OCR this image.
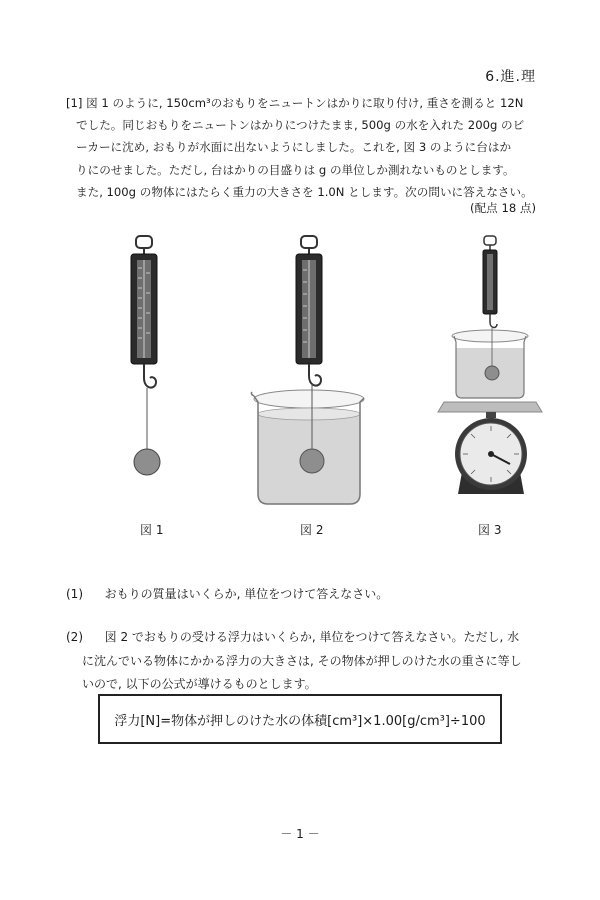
6.進.理
[1] 図 1 のように, 150cm³のおもりをニュートンはかりに取り付け, 重さを測ると 12N
でした。同じおもりをニュートンはかりにつけたまま, 500g の水を入れた 200g のビ
ーカーに沈め, おもりが水面に出ないようにしました。これを, 図 3 のように台はか
りにのせました。ただし, 台はかりの目盛りは g の単位しか測れないものとします。
また, 100g の物体にはたらく重力の大きさを 1.0N とします。次の問いに答えなさい。
(配点 18 点)
図 1	図 2	図 3
(1) おもりの質量はいくらか, 単位をつけて答えなさい。
(2) 図 2 でおもりの受ける浮力はいくらか, 単位をつけて答えなさい。ただし, 水
に沈んでいる物体にかかる浮力の大きさは, その物体が押しのけた水の重さに等し
いので, 以下の公式が導けるものとします。
浮力[N]=物体が押しのけた水の体積[cm³]×1.00[g/cm³]÷100
－ 1 －
